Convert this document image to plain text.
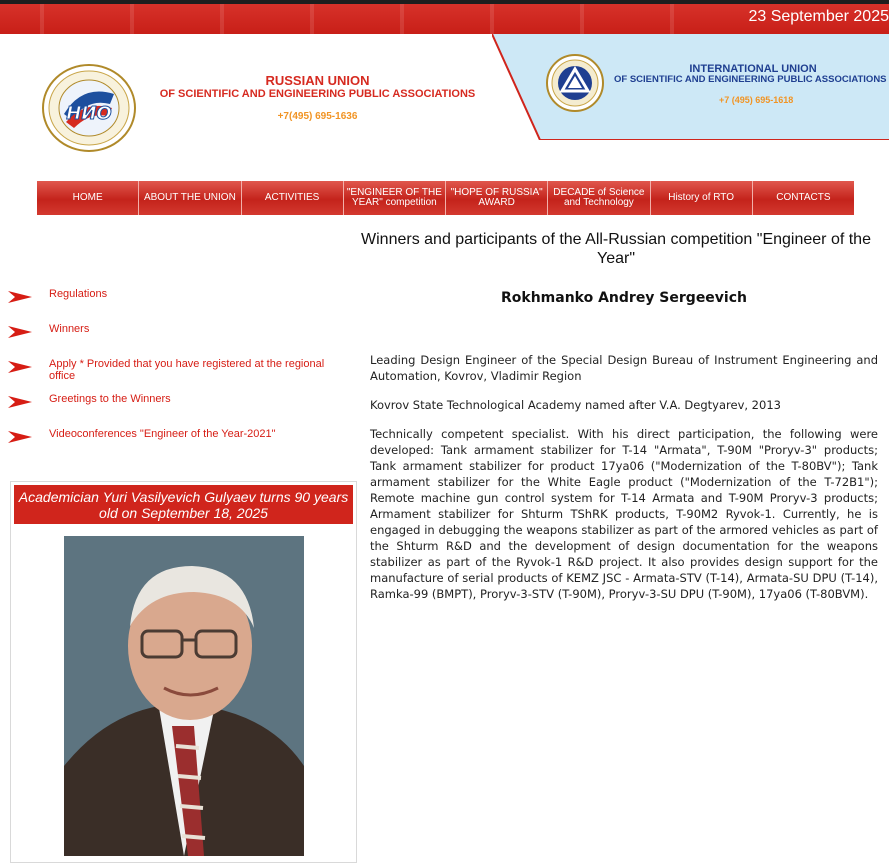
23 September 2025
НИО
RUSSIAN UNION
OF SCIENTIFIC AND ENGINEERING PUBLIC ASSOCIATIONS
+7(495) 695-1636
INTERNATIONAL UNION
OF SCIENTIFIC AND ENGINEERING PUBLIC ASSOCIATIONS
+7 (495) 695-1618
HOME	ABOUT THE UNION	ACTIVITIES	"ENGINEER OF THE YEAR" competition
"HOPE OF RUSSIA" AWARD
DECADE of Science and Technology	History of RTO	CONTACTS
Winners and participants of the All-Russian competition "Engineer of the Year"
Rokhmanko Andrey Sergeevich
Leading Design Engineer of the Special Design Bureau of Instrument Engineering and Automation, Kovrov, Vladimir Region
Kovrov State Technological Academy named after V.A. Degtyarev, 2013
Technically competent specialist. With his direct participation, the following were developed: Tank armament stabilizer for T-14 "Armata", T-90M "Proryv-3" products; Tank armament stabilizer for product 17ya06 ("Modernization of the T-80BV"); Tank armament stabilizer for the White Eagle product ("Modernization of the T-72B1"); Remote machine gun control system for T-14 Armata and T-90M Proryv-3 products; Armament stabilizer for Shturm TShRK products, T-90M2 Ryvok-1. Currently, he is engaged in debugging the weapons stabilizer as part of the armored vehicles as part of the Shturm R&D and the development of design documentation for the weapons stabilizer as part of the Ryvok-1 R&D project. It also provides design support for the manufacture of serial products of KEMZ JSC - Armata-STV (T-14), Armata-SU DPU (T-14), Ramka-99 (BMPT), Proryv-3-STV (T-90M), Proryv-3-SU DPU (T-90M), 17ya06 (T-80BVM).
Regulations
Winners
Apply * Provided that you have registered at the regional office
Greetings to the Winners
Videoconferences "Engineer of the Year-2021"
Academician Yuri Vasilyevich Gulyaev turns 90 years old on September 18, 2025
